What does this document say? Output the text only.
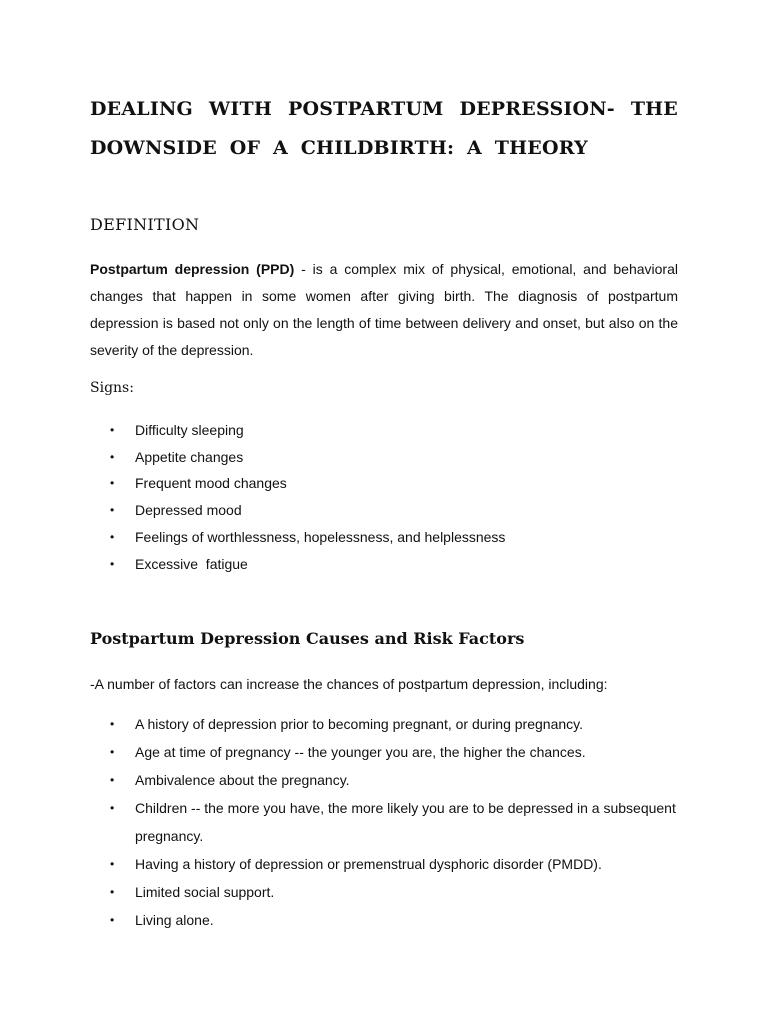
DEALING WITH POSTPARTUM DEPRESSION- THE DOWNSIDE OF A CHILDBIRTH: A THEORY
DEFINITION

Postpartum depression (PPD) - is a complex mix of physical, emotional, and behavioral changes that happen in some women after giving birth. The diagnosis of postpartum depression is based not only on the length of time between delivery and onset, but also on the severity of the depression.

Signs:

• Difficulty sleeping
• Appetite changes
• Frequent mood changes
• Depressed mood
• Feelings of worthlessness, hopelessness, and helplessness
• Excessive  fatigue
Postpartum Depression Causes and Risk Factors

-A number of factors can increase the chances of postpartum depression, including:

• A history of depression prior to becoming pregnant, or during pregnancy.
• Age at time of pregnancy -- the younger you are, the higher the chances.
• Ambivalence about the pregnancy.
• Children -- the more you have, the more likely you are to be depressed in a subsequent pregnancy.
• Having a history of depression or premenstrual dysphoric disorder (PMDD).
• Limited social support.
• Living alone.
